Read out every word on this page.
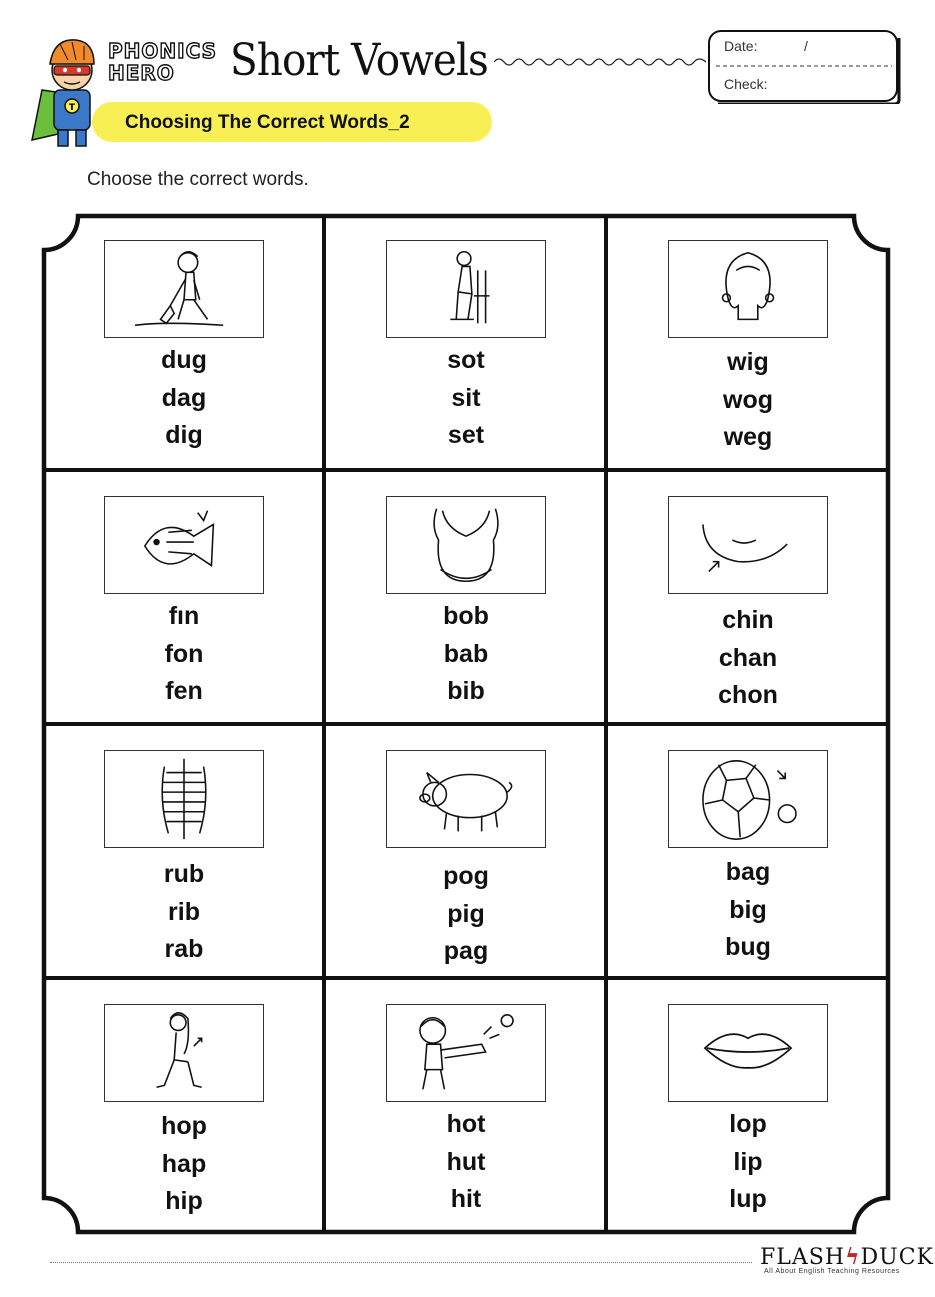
T
PHONICS
HERO Short Vowels	Date:	/
Check:
Choosing The Correct Words_2
Choose the correct words.
dug
dag
dig
sot
sit
set
wig
wog
weg
fın
fon
fen
bob
bab
bib
chin
chan
chon
rub
rib
rab
pog
pig
pag
bag
big
bug
hop
hap
hip
hot
hut
hit
lop
lip
lup
FLASHϟDUCK
All About English Teaching Resources
